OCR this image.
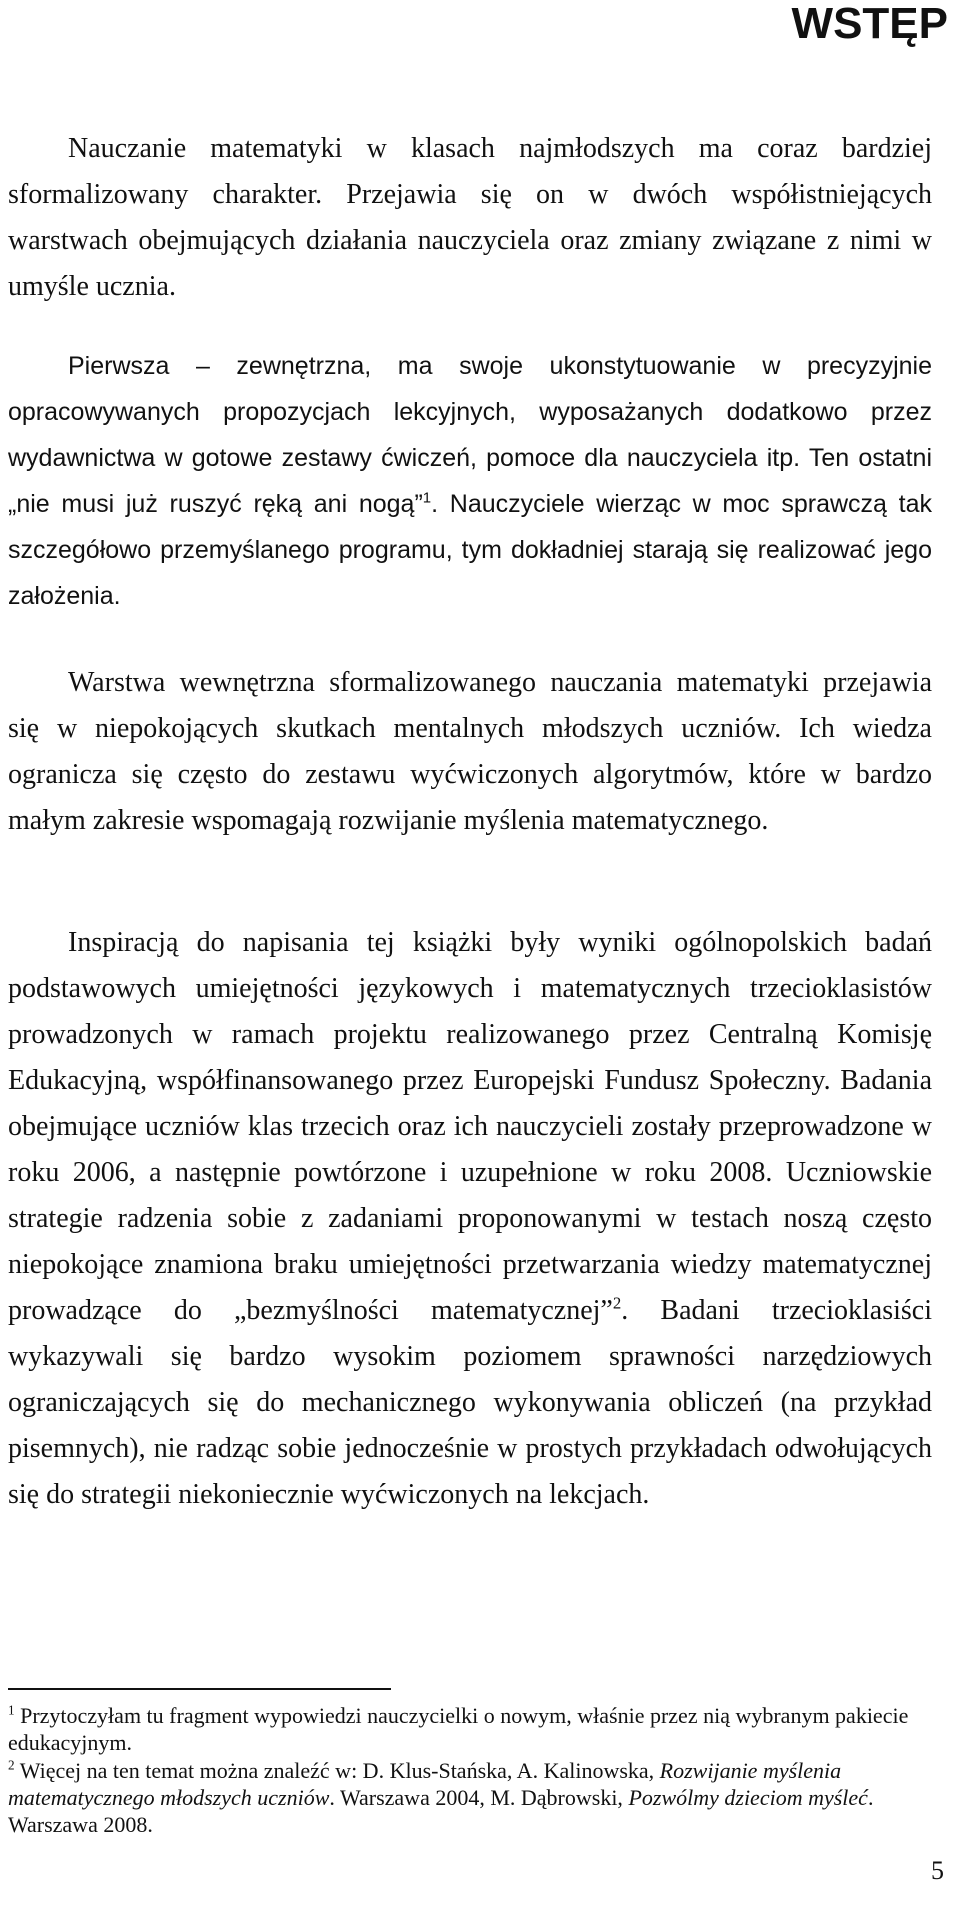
WSTĘP

Nauczanie matematyki w klasach najmłodszych ma coraz bardziej sformalizowany charakter. Przejawia się on w dwóch współistniejących warstwach obejmujących działania nauczyciela oraz zmiany związane z nimi w umyśle ucznia.

Pierwsza – zewnętrzna, ma swoje ukonstytuowanie w precyzyjnie opracowywanych propozycjach lekcyjnych, wyposażanych dodatkowo przez wydawnictwa w gotowe zestawy ćwiczeń, pomoce dla nauczyciela itp. Ten ostatni „nie musi już ruszyć ręką ani nogą”$^1$. Nauczyciele wierząc w moc sprawczą tak szczegółowo przemyślanego programu, tym dokładniej starają się realizować jego założenia.

Warstwa wewnętrzna sformalizowanego nauczania matematyki przejawia się w niepokojących skutkach mentalnych młodszych uczniów. Ich wiedza ogranicza się często do zestawu wyćwiczonych algorytmów, które w bardzo małym zakresie wspomagają rozwijanie myślenia matematycznego.

Inspiracją do napisania tej książki były wyniki ogólnopolskich badań podstawowych umiejętności językowych i matematycznych trzecioklasistów prowadzonych w ramach projektu realizowanego przez Centralną Komisję Edukacyjną, współfinansowanego przez Europejski Fundusz Społeczny. Badania obejmujące uczniów klas trzecich oraz ich nauczycieli zostały przeprowadzone w roku 2006, a następnie powtórzone i uzupełnione w roku 2008. Uczniowskie strategie radzenia sobie z zadaniami proponowanymi w testach noszą często niepokojące znamiona braku umiejętności przetwarzania wiedzy matematycznej prowadzące do „bezmyślności matematycznej”$^2$. Badani trzecioklasiści wykazywali się bardzo wysokim poziomem sprawności narzędziowych ograniczających się do mechanicznego wykonywania obliczeń (na przykład pisemnych), nie radząc sobie jednocześnie w prostych przykładach odwołujących się do strategii niekoniecznie wyćwiczonych na lekcjach.

$^1$ Przytoczyłam tu fragment wypowiedzi nauczycielki o nowym, właśnie przez nią wybranym pakiecie edukacyjnym.

$^2$ Więcej na ten temat można znaleźć w: D. Klus-Stańska, A. Kalinowska, Rozwijanie myślenia matematycznego młodszych uczniów. Warszawa 2004, M. Dąbrowski, Pozwólmy dzieciom myśleć. Warszawa 2008.

5
